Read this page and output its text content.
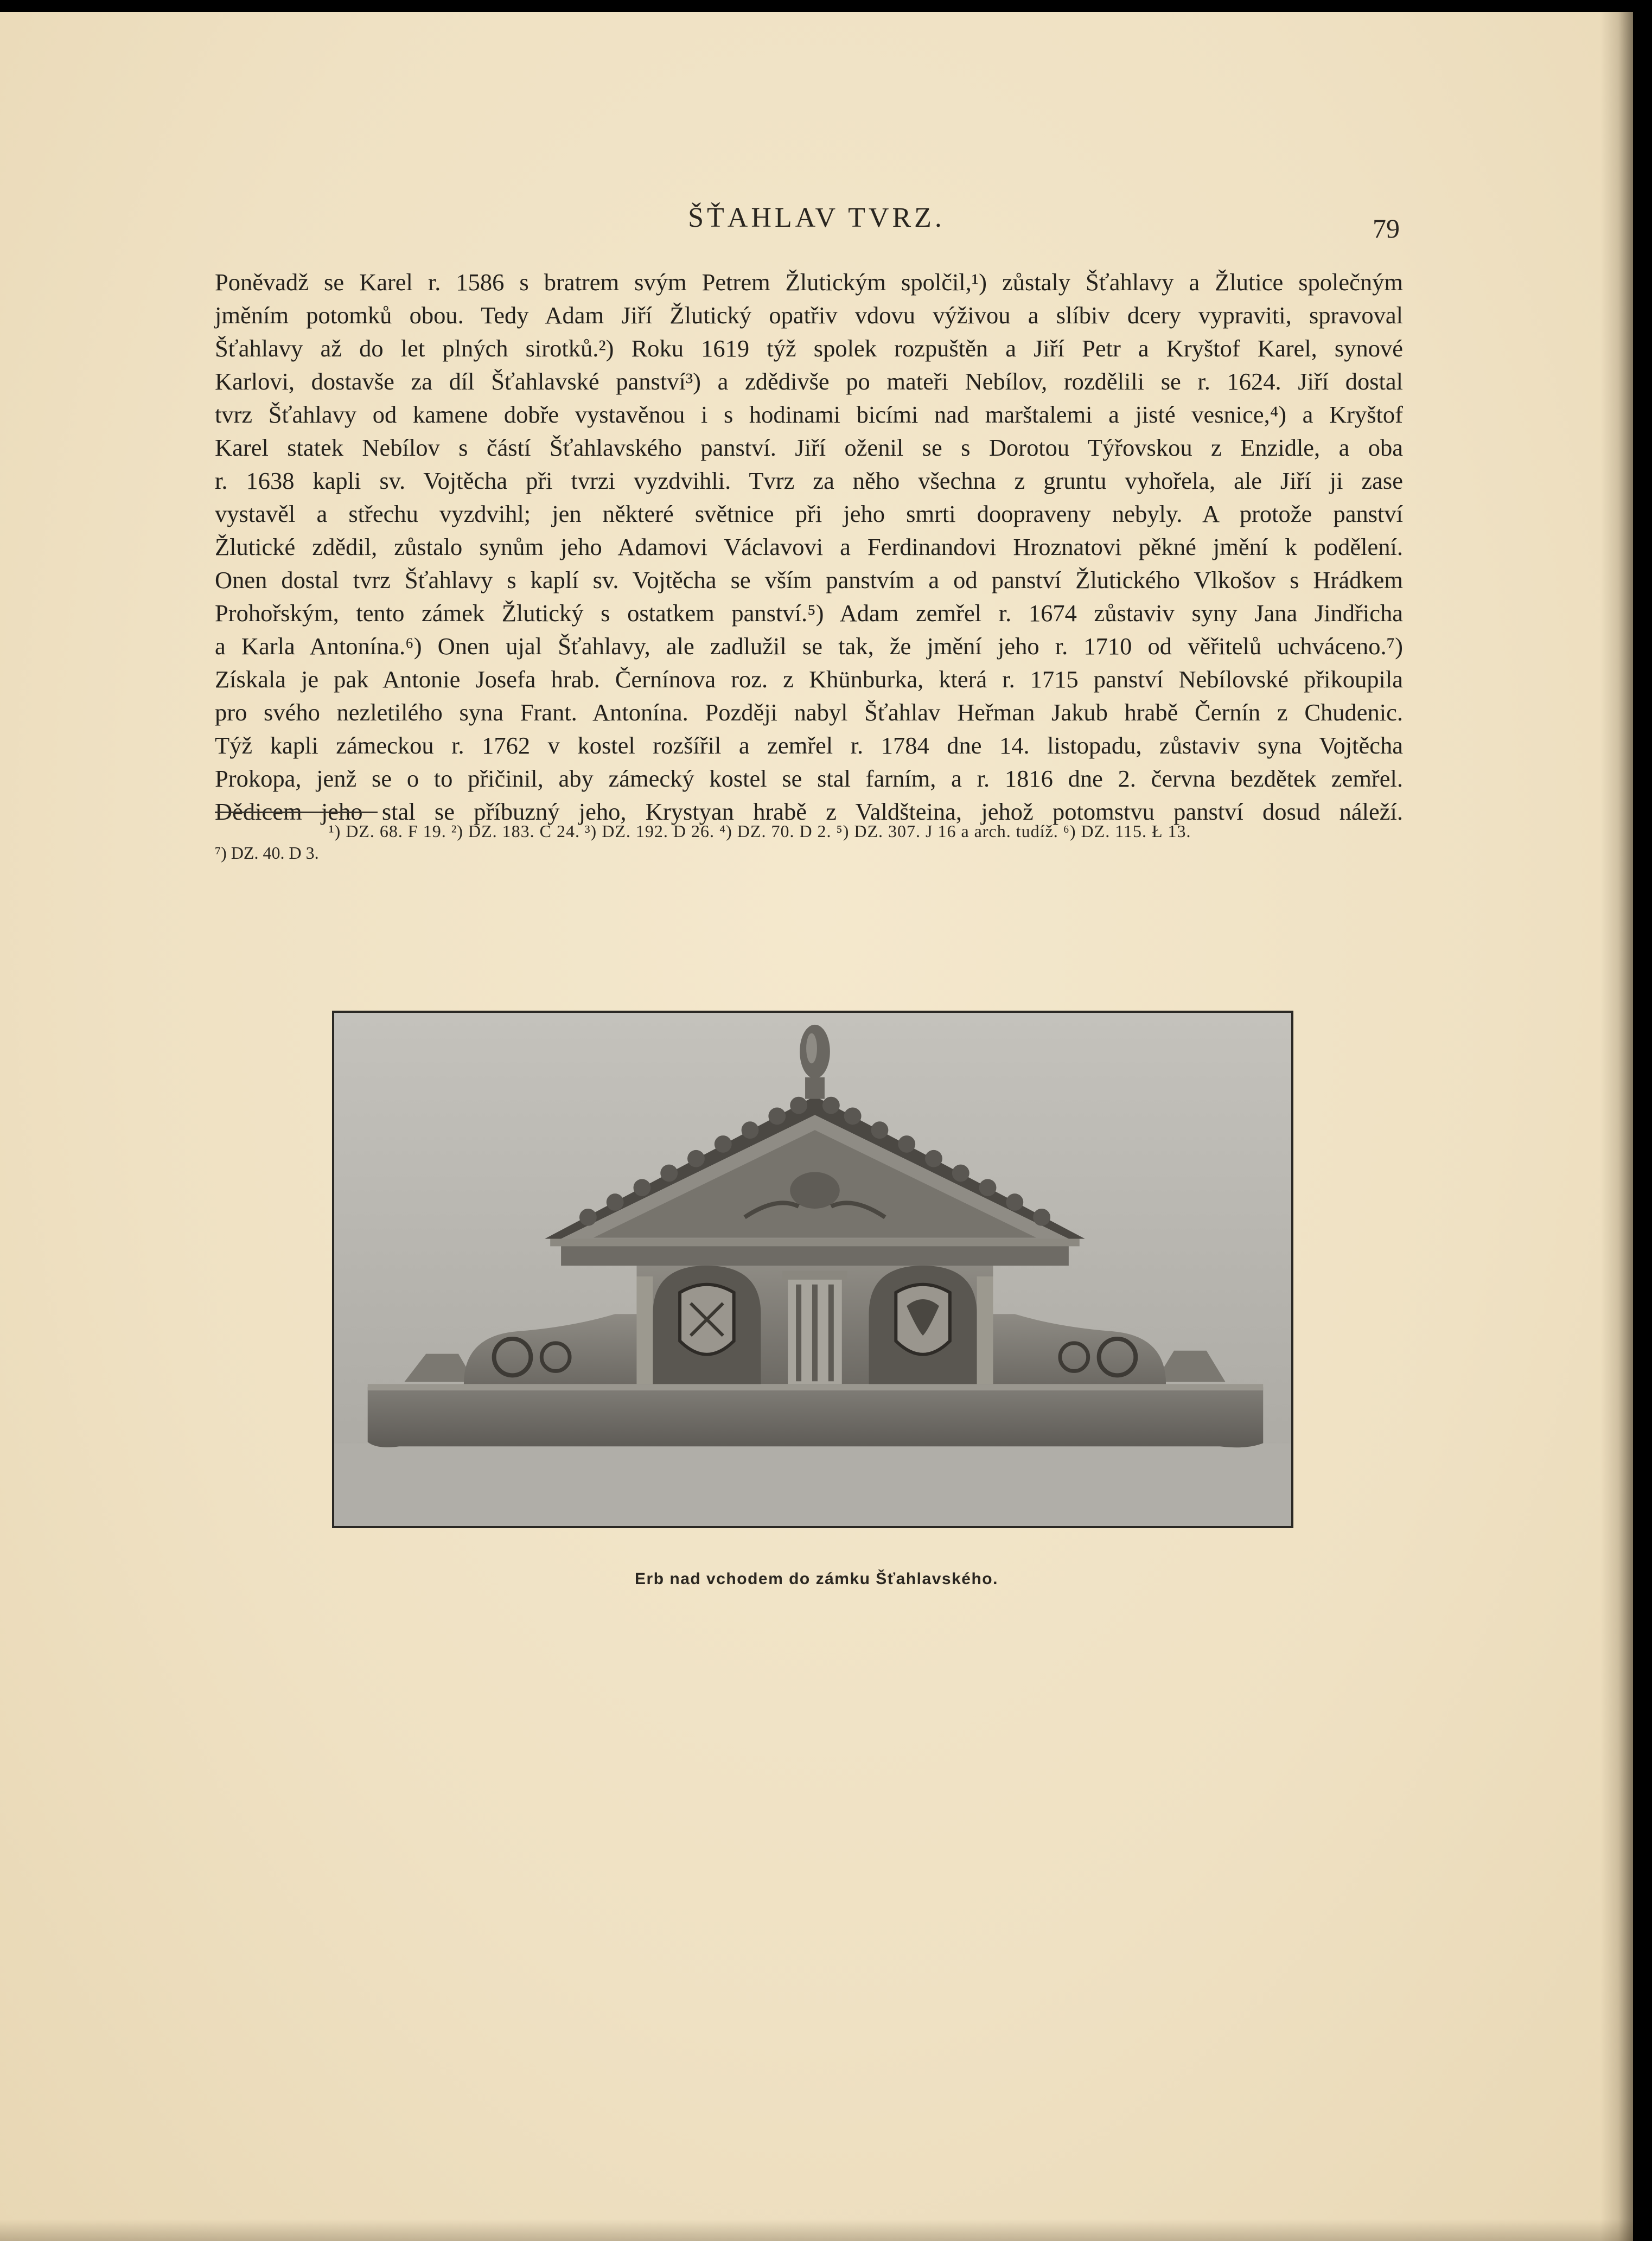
ŠŤAHLAV TVRZ.	79
Poněvadž se Karel r. 1586 s bratrem svým Petrem Žlutickým spolčil,¹) zůstaly Šťahlavy a Žlutice společným
jměním potomků obou. Tedy Adam Jiří Žlutický opatřiv vdovu výživou a slíbiv dcery vypraviti, spravoval
Šťahlavy až do let plných sirotků.²) Roku 1619 týž spolek rozpuštěn a Jiří Petr a Kryštof Karel, synové
Karlovi, dostavše za díl Šťahlavské panství³) a zdědivše po mateři Nebílov, rozdělili se r. 1624. Jiří dostal
tvrz Šťahlavy od kamene dobře vystavěnou i s hodinami bicími nad marštalemi a jisté vesnice,⁴) a Kryštof
Karel statek Nebílov s částí Šťahlavského panství. Jiří oženil se s Dorotou Týřovskou z Enzidle, a oba
r. 1638 kapli sv. Vojtěcha při tvrzi vyzdvihli. Tvrz za něho všechna z gruntu vyhořela, ale Jiří ji zase
vystavěl a střechu vyzdvihl; jen některé světnice při jeho smrti doopraveny nebyly. A protože panství
Žlutické zdědil, zůstalo synům jeho Adamovi Václavovi a Ferdinandovi Hroznatovi pěkné jmění k podělení.
Onen dostal tvrz Šťahlavy s kaplí sv. Vojtěcha se vším panstvím a od panství Žlutického Vlkošov s Hrádkem
Prohořským, tento zámek Žlutický s ostatkem panství.⁵) Adam zemřel r. 1674 zůstaviv syny Jana Jindřicha
a Karla Antonína.⁶) Onen ujal Šťahlavy, ale zadlužil se tak, že jmění jeho r. 1710 od věřitelů uchváceno.⁷)
Získala je pak Antonie Josefa hrab. Černínova roz. z Khünburka, která r. 1715 panství Nebílovské přikoupila
pro svého nezletilého syna Frant. Antonína. Později nabyl Šťahlav Heřman Jakub hrabě Černín z Chudenic.
Týž kapli zámeckou r. 1762 v kostel rozšířil a zemřel r. 1784 dne 14. listopadu, zůstaviv syna Vojtěcha
Prokopa, jenž se o to přičinil, aby zámecký kostel se stal farním, a r. 1816 dne 2. června bezdětek zemřel.
Dědicem jeho stal se příbuzný jeho, Krystyan hrabě z Valdšteina, jehož potomstvu panství dosud náleží.
¹) DZ. 68. F 19. ²) DZ. 183. C 24. ³) DZ. 192. D 26. ⁴) DZ. 70. D 2. ⁵) DZ. 307. J 16 a arch. tudíž. ⁶) DZ. 115. Ł 13.
⁷) DZ. 40. D 3.
Erb nad vchodem do zámku Šťahlavského.
